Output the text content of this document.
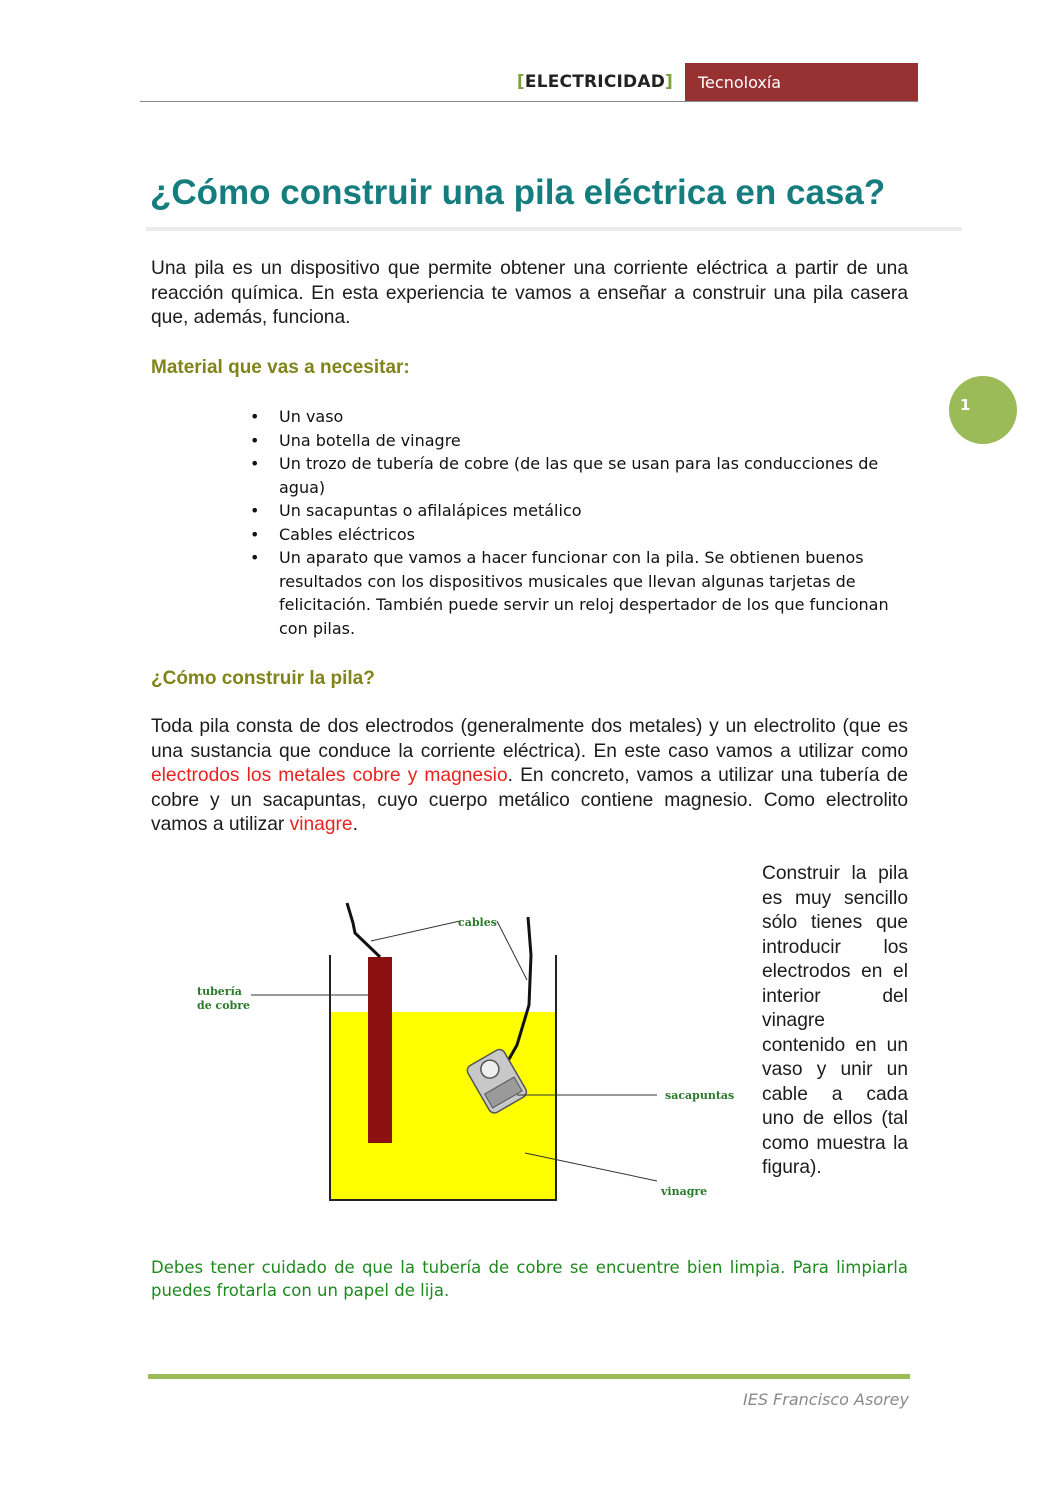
[ELECTRICIDAD]	Tecnoloxía
1
¿Cómo construir una pila eléctrica en casa?

Una pila es un dispositivo que permite obtener una corriente eléctrica a partir de una reacción química. En esta experiencia te vamos a enseñar a construir una pila casera que, además, funciona.

Material que vas a necesitar:
• Un vaso
• Una botella de vinagre
• Un trozo de tubería de cobre (de las que se usan para las conducciones de agua)
• Un sacapuntas o afilalápices metálico
• Cables eléctricos
• Un aparato que vamos a hacer funcionar con la pila. Se obtienen buenos resultados con los dispositivos musicales que llevan algunas tarjetas de felicitación. También puede servir un reloj despertador de los que funcionan con pilas.
¿Cómo construir la pila?

Toda pila consta de dos electrodos (generalmente dos metales) y un electrolito (que es una sustancia que conduce la corriente eléctrica). En este caso vamos a utilizar como electrodos los metales cobre y magnesio. En concreto, vamos a utilizar una tubería de cobre y un sacapuntas, cuyo cuerpo metálico contiene magnesio. Como electrolito vamos a utilizar vinagre.

cables
tubería
de cobre
sacapuntas
vinagre

Construir la pila es muy sencillo sólo tienes que introducir los electrodos en el interior del vinagre contenido en un vaso y unir un cable a cada uno de ellos (tal como muestra la figura).

Debes tener cuidado de que la tubería de cobre se encuentre bien limpia. Para limpiarla puedes frotarla con un papel de lija.

IES Francisco Asorey
